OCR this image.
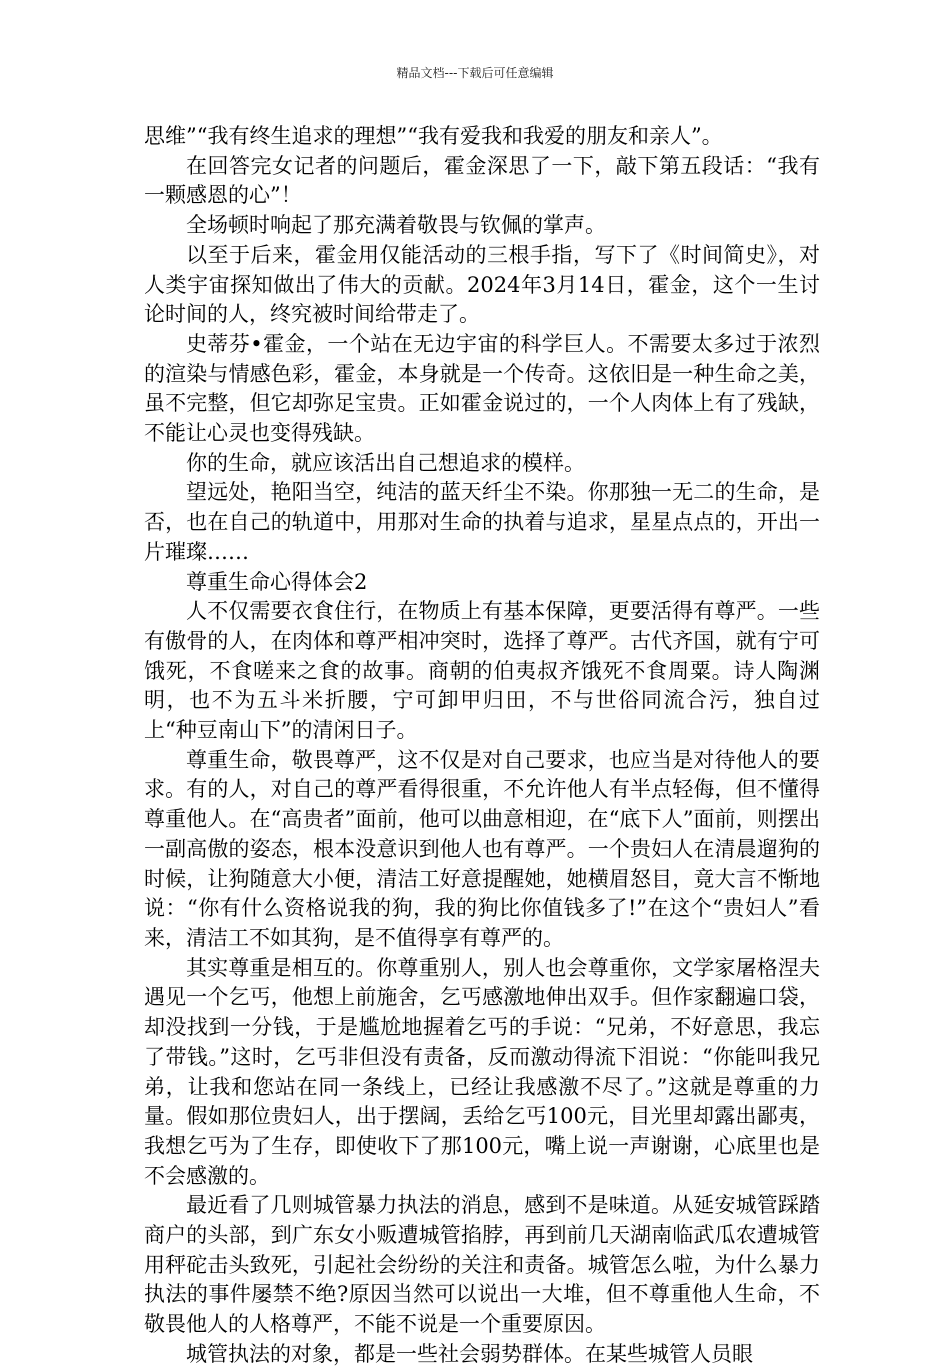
精品文档---下载后可任意编辑

思维”“我有终生追求的理想”“我有爱我和我爱的朋友和亲人”。

在回答完女记者的问题后，霍金深思了一下，敲下第五段话：“我有一颗感恩的心”！

全场顿时响起了那充满着敬畏与钦佩的掌声。

以至于后来，霍金用仅能活动的三根手指，写下了《时间简史》，对人类宇宙探知做出了伟大的贡献。2024年3月14日，霍金，这个一生讨论时间的人，终究被时间给带走了。

史蒂芬•霍金，一个站在无边宇宙的科学巨人。不需要太多过于浓烈的渲染与情感色彩，霍金，本身就是一个传奇。这依旧是一种生命之美，虽不完整，但它却弥足宝贵。正如霍金说过的，一个人肉体上有了残缺，不能让心灵也变得残缺。

你的生命，就应该活出自己想追求的模样。

望远处，艳阳当空，纯洁的蓝天纤尘不染。你那独一无二的生命，是否，也在自己的轨道中，用那对生命的执着与追求，星星点点的，开出一片璀璨……

尊重生命心得体会2

人不仅需要衣食住行，在物质上有基本保障，更要活得有尊严。一些有傲骨的人，在肉体和尊严相冲突时，选择了尊严。古代齐国，就有宁可饿死，不食嗟来之食的故事。商朝的伯夷叔齐饿死不食周粟。诗人陶渊明，也不为五斗米折腰，宁可卸甲归田，不与世俗同流合污，独自过上“种豆南山下”的清闲日子。

尊重生命，敬畏尊严，这不仅是对自己要求，也应当是对待他人的要求。有的人，对自己的尊严看得很重，不允许他人有半点轻侮，但不懂得尊重他人。在“高贵者”面前，他可以曲意相迎，在“底下人”面前，则摆出一副高傲的姿态，根本没意识到他人也有尊严。一个贵妇人在清晨遛狗的时候，让狗随意大小便，清洁工好意提醒她，她横眉怒目，竟大言不惭地说：“你有什么资格说我的狗，我的狗比你值钱多了!”在这个“贵妇人”看来，清洁工不如其狗，是不值得享有尊严的。

其实尊重是相互的。你尊重别人，别人也会尊重你，文学家屠格涅夫遇见一个乞丐，他想上前施舍，乞丐感激地伸出双手。但作家翻遍口袋，却没找到一分钱，于是尴尬地握着乞丐的手说：“兄弟，不好意思，我忘了带钱。”这时，乞丐非但没有责备，反而激动得流下泪说：“你能叫我兄弟，让我和您站在同一条线上，已经让我感激不尽了。”这就是尊重的力量。假如那位贵妇人，出于摆阔，丢给乞丐100元，目光里却露出鄙夷，我想乞丐为了生存，即使收下了那100元，嘴上说一声谢谢，心底里也是不会感激的。

最近看了几则城管暴力执法的消息，感到不是味道。从延安城管踩踏商户的头部，到广东女小贩遭城管掐脖，再到前几天湖南临武瓜农遭城管用秤砣击头致死，引起社会纷纷的关注和责备。城管怎么啦，为什么暴力执法的事件屡禁不绝?原因当然可以说出一大堆，但不尊重他人生命，不敬畏他人的人格尊严，不能不说是一个重要原因。

城管执法的对象，都是一些社会弱势群体。在某些城管人员眼
